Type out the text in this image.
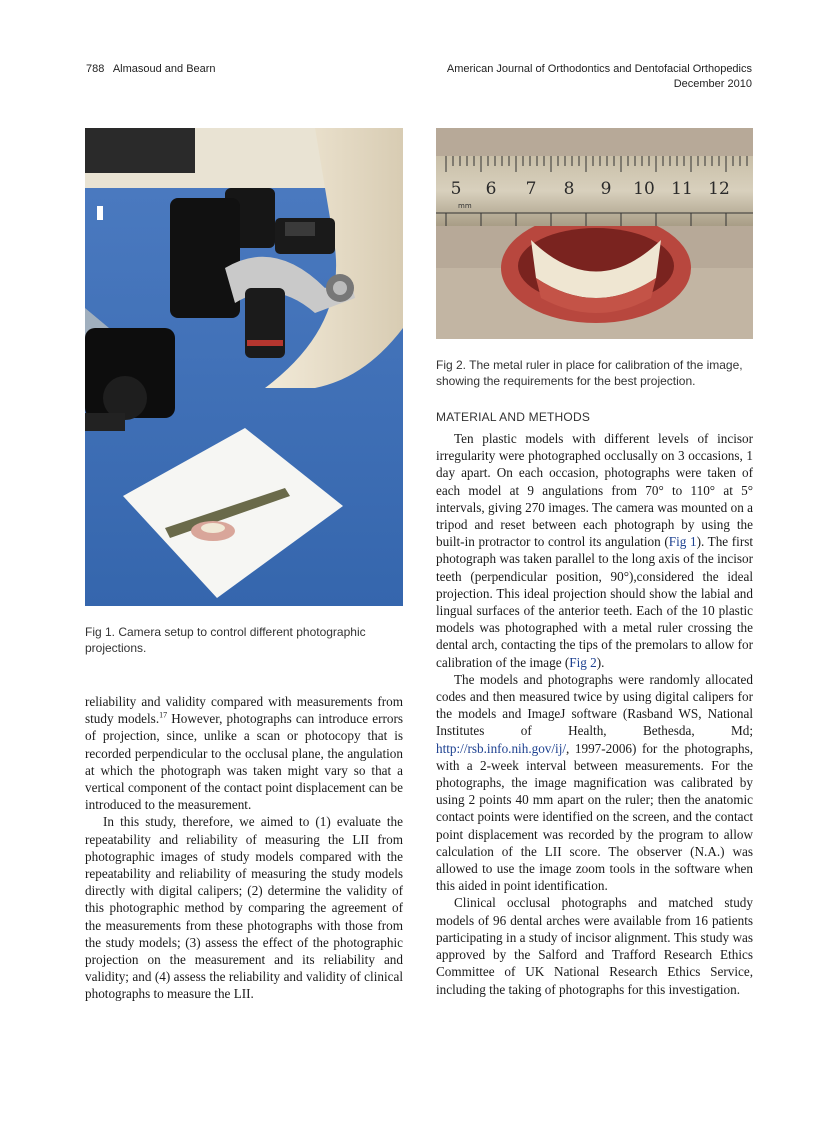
788 Almasoud and Bearn	American Journal of Orthodontics and Dentofacial Orthopedics
December 2010
Fig 1. Camera setup to control different photographic projections.

reliability and validity compared with measurements from study models.$^{17}$ However, photographs can introduce errors of projection, since, unlike a scan or photocopy that is recorded perpendicular to the occlusal plane, the angulation at which the photograph was taken might vary so that a vertical component of the contact point displacement can be introduced to the measurement.

In this study, therefore, we aimed to (1) evaluate the repeatability and reliability of measuring the LII from photographic images of study models compared with the repeatability and reliability of measuring the study models directly with digital calipers; (2) determine the validity of this photographic method by comparing the agreement of the measurements from these photographs with those from the study models; (3) assess the effect of the photographic projection on the measurement and its reliability and validity; and (4) assess the reliability and validity of clinical photographs to measure the LII.

5 6 7 8 9 10 11 12
mm
Fig 2. The metal ruler in place for calibration of the image, showing the requirements for the best projection.
MATERIAL AND METHODS

Ten plastic models with different levels of incisor irregularity were photographed occlusally on 3 occasions, 1 day apart. On each occasion, photographs were taken of each model at 9 angulations from 70° to 110° at 5° intervals, giving 270 images. The camera was mounted on a tripod and reset between each photograph by using the built-in protractor to control its angulation (Fig 1). The first photograph was taken parallel to the long axis of the incisor teeth (perpendicular position, 90°),considered the ideal projection. This ideal projection should show the labial and lingual surfaces of the anterior teeth. Each of the 10 plastic models was photographed with a metal ruler crossing the dental arch, contacting the tips of the premolars to allow for calibration of the image (Fig 2).

The models and photographs were randomly allocated codes and then measured twice by using digital calipers for the models and ImageJ software (Rasband WS, National Institutes of Health, Bethesda, Md; http://rsb.info.nih.gov/ij/, 1997-2006) for the photographs, with a 2-week interval between measurements. For the photographs, the image magnification was calibrated by using 2 points 40 mm apart on the ruler; then the anatomic contact points were identified on the screen, and the contact point displacement was recorded by the program to allow calculation of the LII score. The observer (N.A.) was allowed to use the image zoom tools in the software when this aided in point identification.

Clinical occlusal photographs and matched study models of 96 dental arches were available from 16 patients participating in a study of incisor alignment. This study was approved by the Salford and Trafford Research Ethics Committee of UK National Research Ethics Service, including the taking of photographs for this investigation.
